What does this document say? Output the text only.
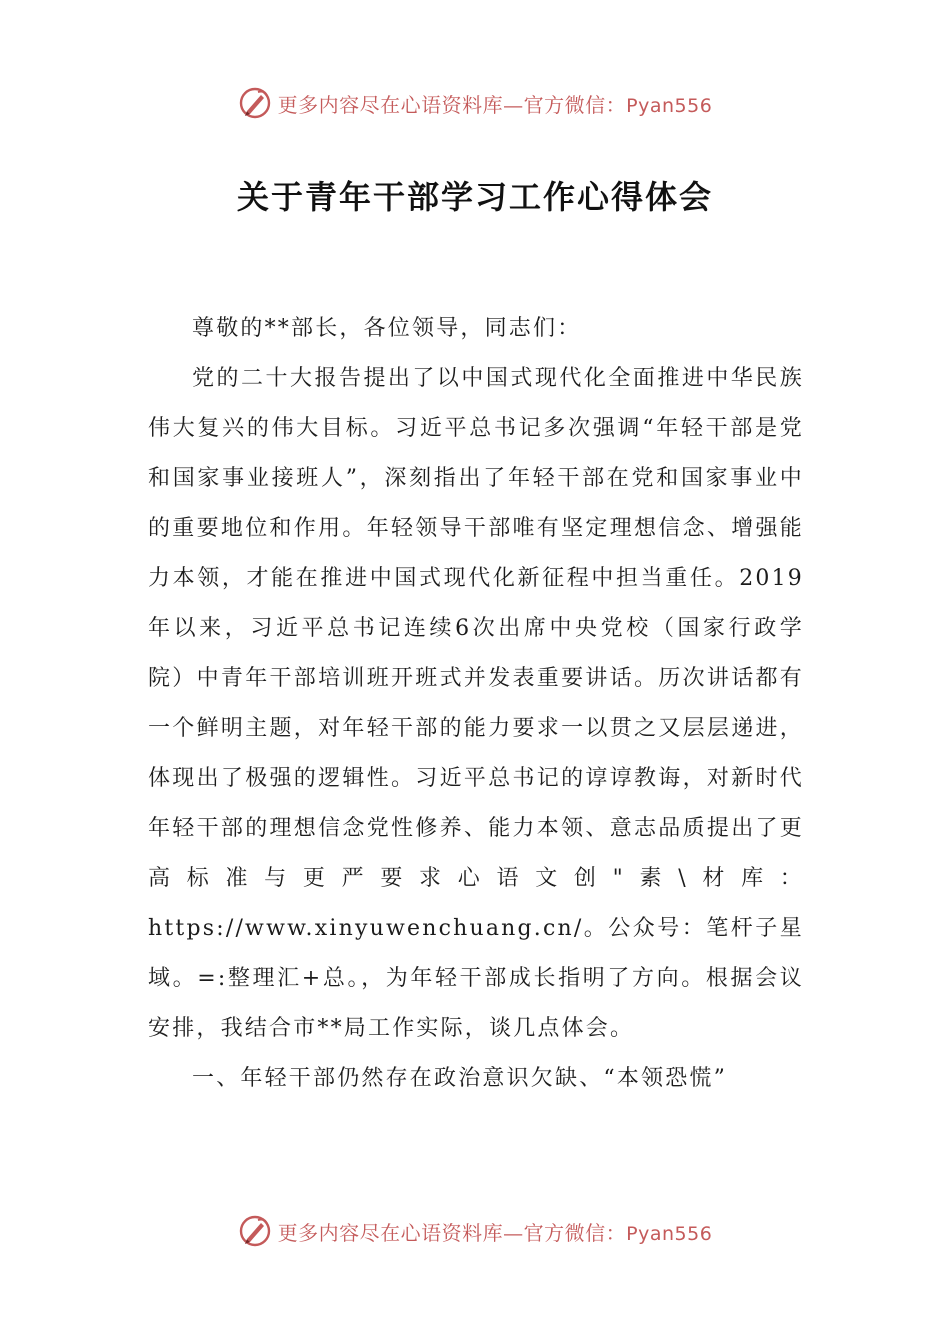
更多内容尽在心语资料库—官方微信：Pyan556
关于青年干部学习工作心得体会

尊敬的**部长，各位领导，同志们：

党的二十大报告提出了以中国式现代化全面推进中华民族伟大复兴的伟大目标。习近平总书记多次强调“年轻干部是党和国家事业接班人”，深刻指出了年轻干部在党和国家事业中的重要地位和作用。年轻领导干部唯有坚定理想信念、增强能力本领，才能在推进中国式现代化新征程中担当重任。2019年以来，习近平总书记连续6次出席中央党校（国家行政学院）中青年干部培训班开班式并发表重要讲话。历次讲话都有一个鲜明主题，对年轻干部的能力要求一以贯之又层层递进，体现出了极强的逻辑性。习近平总书记的谆谆教诲，对新时代年轻干部的理想信念党性修养、能力本领、意志品质提出了更高标准与更严要求心语文创"素\材库：https://www.xinyuwenchuang.cn/。公众号：笔杆子星域。=:整理汇+总。，为年轻干部成长指明了方向。根据会议安排，我结合市**局工作实际，谈几点体会。

一、年轻干部仍然存在政治意识欠缺、“本领恐慌”

更多内容尽在心语资料库—官方微信：Pyan556
